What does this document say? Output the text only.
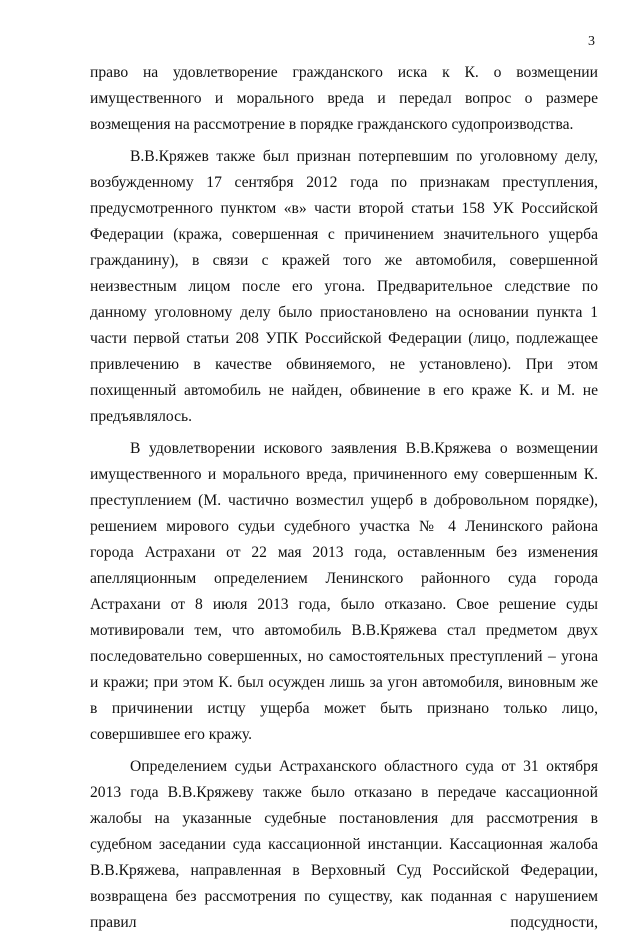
3

право на удовлетворение гражданского иска к К. о возмещении имущественного и морального вреда и передал вопрос о размере возмещения на рассмотрение в порядке гражданского судопроизводства.

В.В.Кряжев также был признан потерпевшим по уголовному делу, возбужденному 17 сентября 2012 года по признакам преступления, предусмотренного пунктом «в» части второй статьи 158 УК Российской Федерации (кража, совершенная с причинением значительного ущерба гражданину), в связи с кражей того же автомобиля, совершенной неизвестным лицом после его угона. Предварительное следствие по данному уголовному делу было приостановлено на основании пункта 1 части первой статьи 208 УПК Российской Федерации (лицо, подлежащее привлечению в качестве обвиняемого, не установлено). При этом похищенный автомобиль не найден, обвинение в его краже К. и М. не предъявлялось.

В удовлетворении искового заявления В.В.Кряжева о возмещении имущественного и морального вреда, причиненного ему совершенным К. преступлением (М. частично возместил ущерб в добровольном порядке), решением мирового судьи судебного участка № 4 Ленинского района города Астрахани от 22 мая 2013 года, оставленным без изменения апелляционным определением Ленинского районного суда города Астрахани от 8 июля 2013 года, было отказано. Свое решение суды мотивировали тем, что автомобиль В.В.Кряжева стал предметом двух последовательно совершенных, но самостоятельных преступлений – угона и кражи; при этом К. был осужден лишь за угон автомобиля, виновным же в причинении истцу ущерба может быть признано только лицо, совершившее его кражу.

Определением судьи Астраханского областного суда от 31 октября 2013 года В.В.Кряжеву также было отказано в передаче кассационной жалобы на указанные судебные постановления для рассмотрения в судебном заседании суда кассационной инстанции. Кассационная жалоба В.В.Кряжева, направленная в Верховный Суд Российской Федерации, возвращена без рассмотрения по существу, как поданная с нарушением правил подсудности,
